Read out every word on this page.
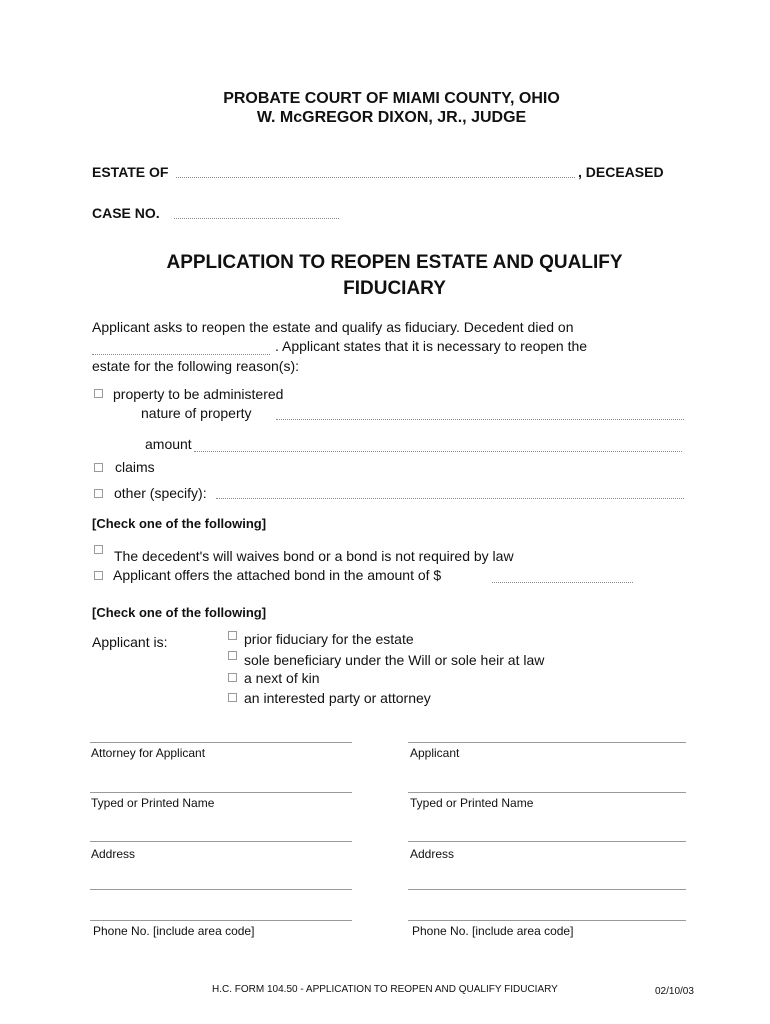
PROBATE COURT OF MIAMI COUNTY, OHIO
W. McGREGOR DIXON, JR., JUDGE
ESTATE OF	, DECEASED
CASE NO.
APPLICATION TO REOPEN ESTATE AND QUALIFY
FIDUCIARY
Applicant asks to reopen the estate and qualify as fiduciary. Decedent died on
. Applicant states that it is necessary to reopen the
estate for the following reason(s):
property to be administered
nature of property
amount
claims
other (specify):
[Check one of the following]
The decedent's will waives bond or a bond is not required by law
Applicant offers the attached bond in the amount of $
[Check one of the following]
Applicant is:	prior fiduciary for the estate
sole beneficiary under the Will or sole heir at law
a next of kin
an interested party or attorney
Attorney for Applicant
Typed or Printed Name
Address
Phone No. [include area code]
Applicant
Typed or Printed Name
Address
Phone No. [include area code]
H.C. FORM 104.50 - APPLICATION TO REOPEN AND QUALIFY FIDUCIARY	02/10/03
